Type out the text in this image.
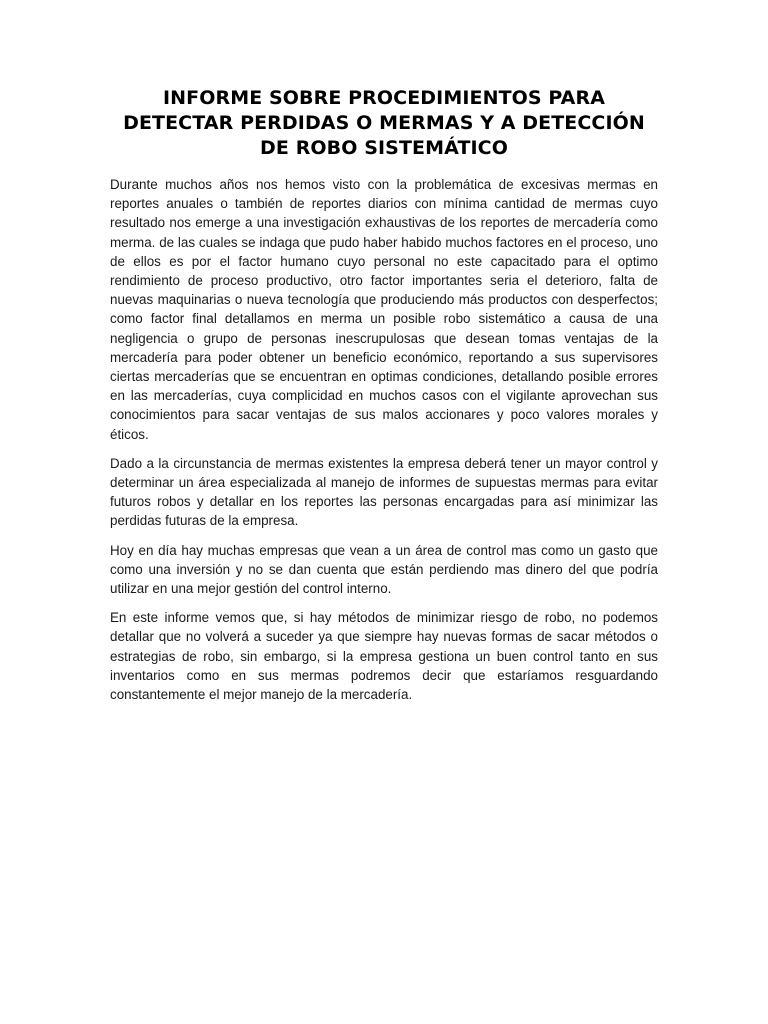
INFORME SOBRE PROCEDIMIENTOS PARA
DETECTAR PERDIDAS O MERMAS Y A DETECCIÓN
DE ROBO SISTEMÁTICO

Durante muchos años nos hemos visto con la problemática de excesivas mermas en reportes anuales o también de reportes diarios con mínima cantidad de mermas cuyo resultado nos emerge a una investigación exhaustivas de los reportes de mercadería como merma. de las cuales se indaga que pudo haber habido muchos factores en el proceso, uno de ellos es por el factor humano cuyo personal no este capacitado para el optimo rendimiento de proceso productivo, otro factor importantes seria el deterioro, falta de nuevas maquinarias o nueva tecnología que produciendo más productos con desperfectos; como factor final detallamos en merma un posible robo sistemático a causa de una negligencia o grupo de personas inescrupulosas que desean tomas ventajas de la mercadería para poder obtener un beneficio económico, reportando a sus supervisores ciertas mercaderías que se encuentran en optimas condiciones, detallando posible errores en las mercaderías, cuya complicidad en muchos casos con el vigilante aprovechan sus conocimientos para sacar ventajas de sus malos accionares y poco valores morales y éticos.

Dado a la circunstancia de mermas existentes la empresa deberá tener un mayor control y determinar un área especializada al manejo de informes de supuestas mermas para evitar futuros robos y detallar en los reportes las personas encargadas para así minimizar las perdidas futuras de la empresa.

Hoy en día hay muchas empresas que vean a un área de control mas como un gasto que como una inversión y no se dan cuenta que están perdiendo mas dinero del que podría utilizar en una mejor gestión del control interno.

En este informe vemos que, si hay métodos de minimizar riesgo de robo, no podemos detallar que no volverá a suceder ya que siempre hay nuevas formas de sacar métodos o estrategias de robo, sin embargo, si la empresa gestiona un buen control tanto en sus inventarios como en sus mermas podremos decir que estaríamos resguardando constantemente el mejor manejo de la mercadería.
